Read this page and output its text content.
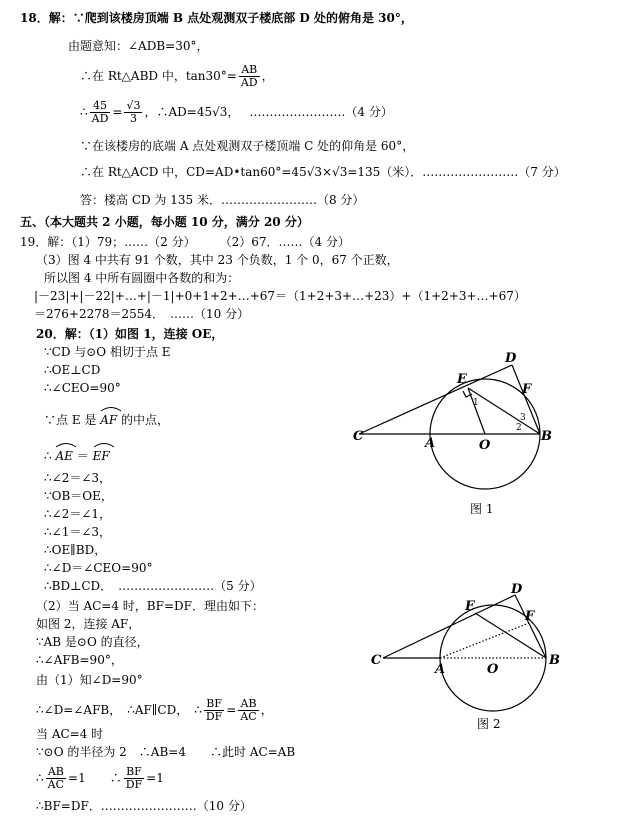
18．解：∵爬到该楼房顶端 B 点处观测双子楼底部 D 处的俯角是 30°，
由题意知：∠ADB=30°，
∴在 Rt△ABD 中，$\tan 30^\circ= \frac{AB}{AD}$ ，
∴ $\frac{45}{AD} = \frac{√3}{3}$ ，∴AD=45√3， ……………………（4 分）
∵在该楼房的底端 A 点处观测双子楼顶端 C 处的仰角是 60°，
∴在 Rt△ACD 中，CD=AD•tan60°=45√3×√3=135（米）．……………………（7 分）
答：楼高 CD 为 135 米．……………………（8 分）
五、（本大题共 2 小题，每小题 10 分，满分 20 分）
19．解：（1）79；……（2 分）　　　（2）67．……（4 分）
（3）图 4 中共有 91 个数，其中 23 个负数，1 个 0，67 个正数，
所以图 4 中所有圆圈中各数的和为：
|－23|+|－22|+…+|－1|+0+1+2+…+67＝（1+2+3+…+23）+（1+2+3+…+67）
＝276+2278＝2554．　……（10 分）
20．解：（1）如图 1，连接 OE，
∵CD 与⊙O 相切于点 E
∴OE⊥CD
∴∠CEO=90°
∵点 E 是 AF 的中点，
∴ AE ＝ EF
∴∠2＝∠3，
∵OB＝OE，
∴∠2＝∠1，
∴∠1＝∠3，
∴OE∥BD，
∴∠D＝∠CEO=90°
∴BD⊥CD．　……………………（5 分）
（2）当 AC=4 时，BF=DF．理由如下：
如图 2，连接 AF，
∵AB 是⊙O 的直径，
∴∠AFB=90°，
由（1）知∠D=90°
∴∠D=∠AFB，　∴AF∥CD，　∴ $\frac{BF}{DF} = \frac{AB}{AC}$ ，
当 AC=4 时
∵⊙O 的半径为 2　∴AB=4　　∴此时 AC=AB
∴ $\frac{AB}{AC} =1$　　∴ $\frac{BF}{DF} =1$
∴BF=DF．……………………（10 分）
C	A	O
B
E
D
F
1
2
3
图 1
C
A	O
B
E
D
F
图 2
